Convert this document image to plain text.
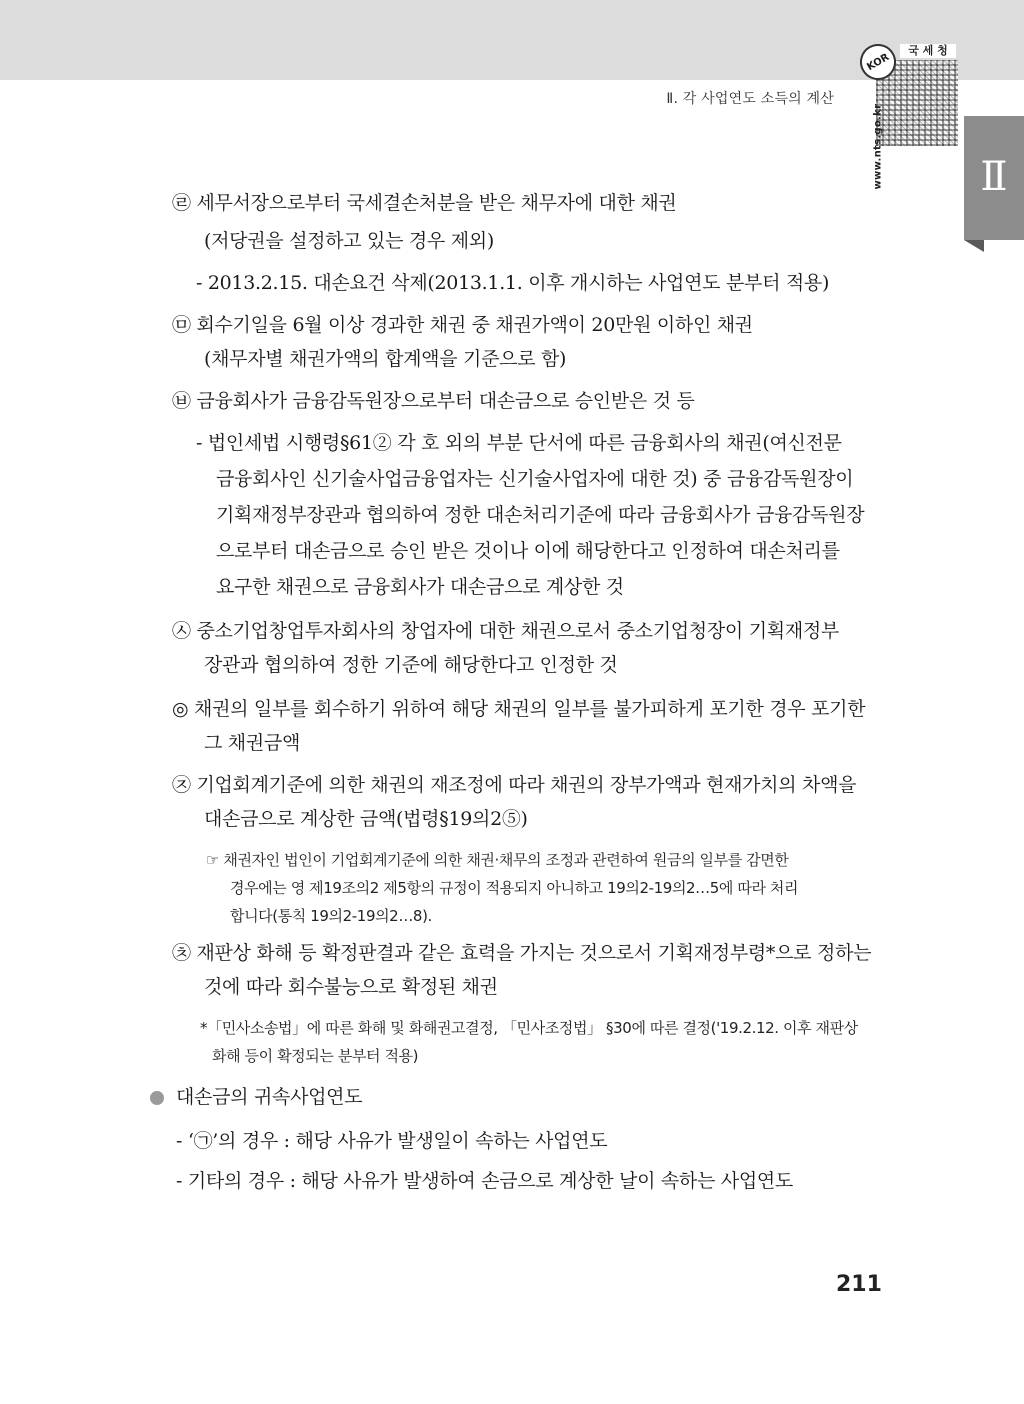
Ⅱ. 각 사업연도 소득의 계산
KOR
국 세 청
www.nts.go.kr	Ⅱ
㉣ 세무서장으로부터 국세결손처분을 받은 채무자에 대한 채권
(저당권을 설정하고 있는 경우 제외)
- 2013.2.15. 대손요건 삭제(2013.1.1. 이후 개시하는 사업연도 분부터 적용)
㉤ 회수기일을 6월 이상 경과한 채권 중 채권가액이 20만원 이하인 채권
(채무자별 채권가액의 합계액을 기준으로 함)
㉥ 금융회사가 금융감독원장으로부터 대손금으로 승인받은 것 등
- 법인세법 시행령§61② 각 호 외의 부분 단서에 따른 금융회사의 채권(여신전문
금융회사인 신기술사업금융업자는 신기술사업자에 대한 것) 중 금융감독원장이
기획재정부장관과 협의하여 정한 대손처리기준에 따라 금융회사가 금융감독원장
으로부터 대손금으로 승인 받은 것이나 이에 해당한다고 인정하여 대손처리를
요구한 채권으로 금융회사가 대손금으로 계상한 것
㉦ 중소기업창업투자회사의 창업자에 대한 채권으로서 중소기업청장이 기획재정부
장관과 협의하여 정한 기준에 해당한다고 인정한 것
◎ 채권의 일부를 회수하기 위하여 해당 채권의 일부를 불가피하게 포기한 경우 포기한
그 채권금액
㉨ 기업회계기준에 의한 채권의 재조정에 따라 채권의 장부가액과 현재가치의 차액을
대손금으로 계상한 금액(법령§19의2⑤)
☞ 채권자인 법인이 기업회계기준에 의한 채권·채무의 조정과 관련하여 원금의 일부를 감면한
경우에는 영 제19조의2 제5항의 규정이 적용되지 아니하고 19의2-19의2…5에 따라 처리
합니다(통칙 19의2-19의2…8).
㉩ 재판상 화해 등 확정판결과 같은 효력을 가지는 것으로서 기획재정부령*으로 정하는
것에 따라 회수불능으로 확정된 채권
*「민사소송법」에 따른 화해 및 화해권고결정, 「민사조정법」 §30에 따른 결정('19.2.12. 이후 재판상
화해 등이 확정되는 분부터 적용)
대손금의 귀속사업연도
- ‘㉠’의 경우 : 해당 사유가 발생일이 속하는 사업연도
- 기타의 경우 : 해당 사유가 발생하여 손금으로 계상한 날이 속하는 사업연도
211
